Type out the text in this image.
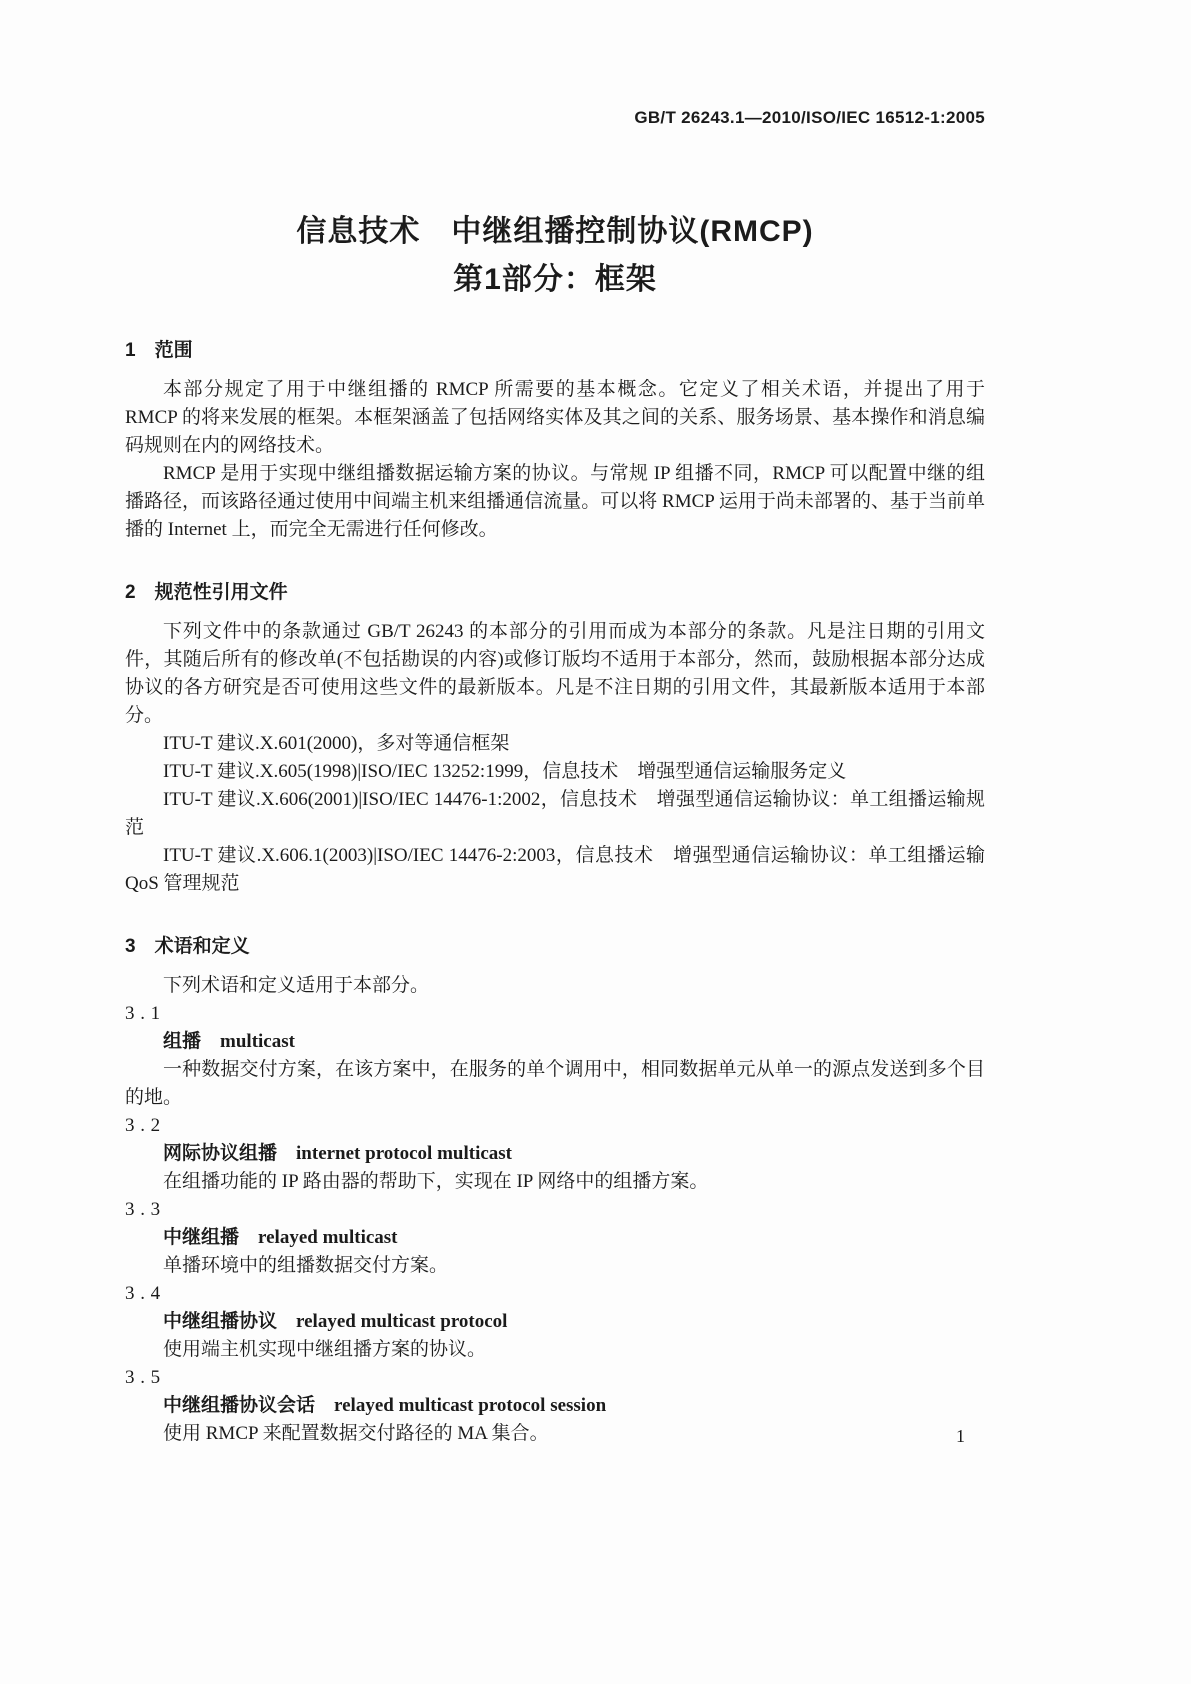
GB/T 26243.1—2010/ISO/IEC 16512-1:2005
信息技术　中继组播控制协议(RMCP)
第1部分：框架
1 范围

本部分规定了用于中继组播的 RMCP 所需要的基本概念。它定义了相关术语，并提出了用于 RMCP 的将来发展的框架。本框架涵盖了包括网络实体及其之间的关系、服务场景、基本操作和消息编码规则在内的网络技术。

RMCP 是用于实现中继组播数据运输方案的协议。与常规 IP 组播不同，RMCP 可以配置中继的组播路径，而该路径通过使用中间端主机来组播通信流量。可以将 RMCP 运用于尚未部署的、基于当前单播的 Internet 上，而完全无需进行任何修改。

2 规范性引用文件

下列文件中的条款通过 GB/T 26243 的本部分的引用而成为本部分的条款。凡是注日期的引用文件，其随后所有的修改单(不包括勘误的内容)或修订版均不适用于本部分，然而，鼓励根据本部分达成协议的各方研究是否可使用这些文件的最新版本。凡是不注日期的引用文件，其最新版本适用于本部分。

ITU-T 建议.X.601(2000)，多对等通信框架

ITU-T 建议.X.605(1998)|ISO/IEC 13252:1999，信息技术　增强型通信运输服务定义

ITU-T 建议.X.606(2001)|ISO/IEC 14476-1:2002，信息技术　增强型通信运输协议：单工组播运输规范

ITU-T 建议.X.606.1(2003)|ISO/IEC 14476-2:2003，信息技术　增强型通信运输协议：单工组播运输 QoS 管理规范

3 术语和定义

下列术语和定义适用于本部分。

3.1
组播 multicast

一种数据交付方案，在该方案中，在服务的单个调用中，相同数据单元从单一的源点发送到多个目的地。

3.2
网际协议组播 internet protocol multicast

在组播功能的 IP 路由器的帮助下，实现在 IP 网络中的组播方案。

3.3
中继组播 relayed multicast

单播环境中的组播数据交付方案。

3.4
中继组播协议 relayed multicast protocol

使用端主机实现中继组播方案的协议。

3.5
中继组播协议会话 relayed multicast protocol session

使用 RMCP 来配置数据交付路径的 MA 集合。	1
